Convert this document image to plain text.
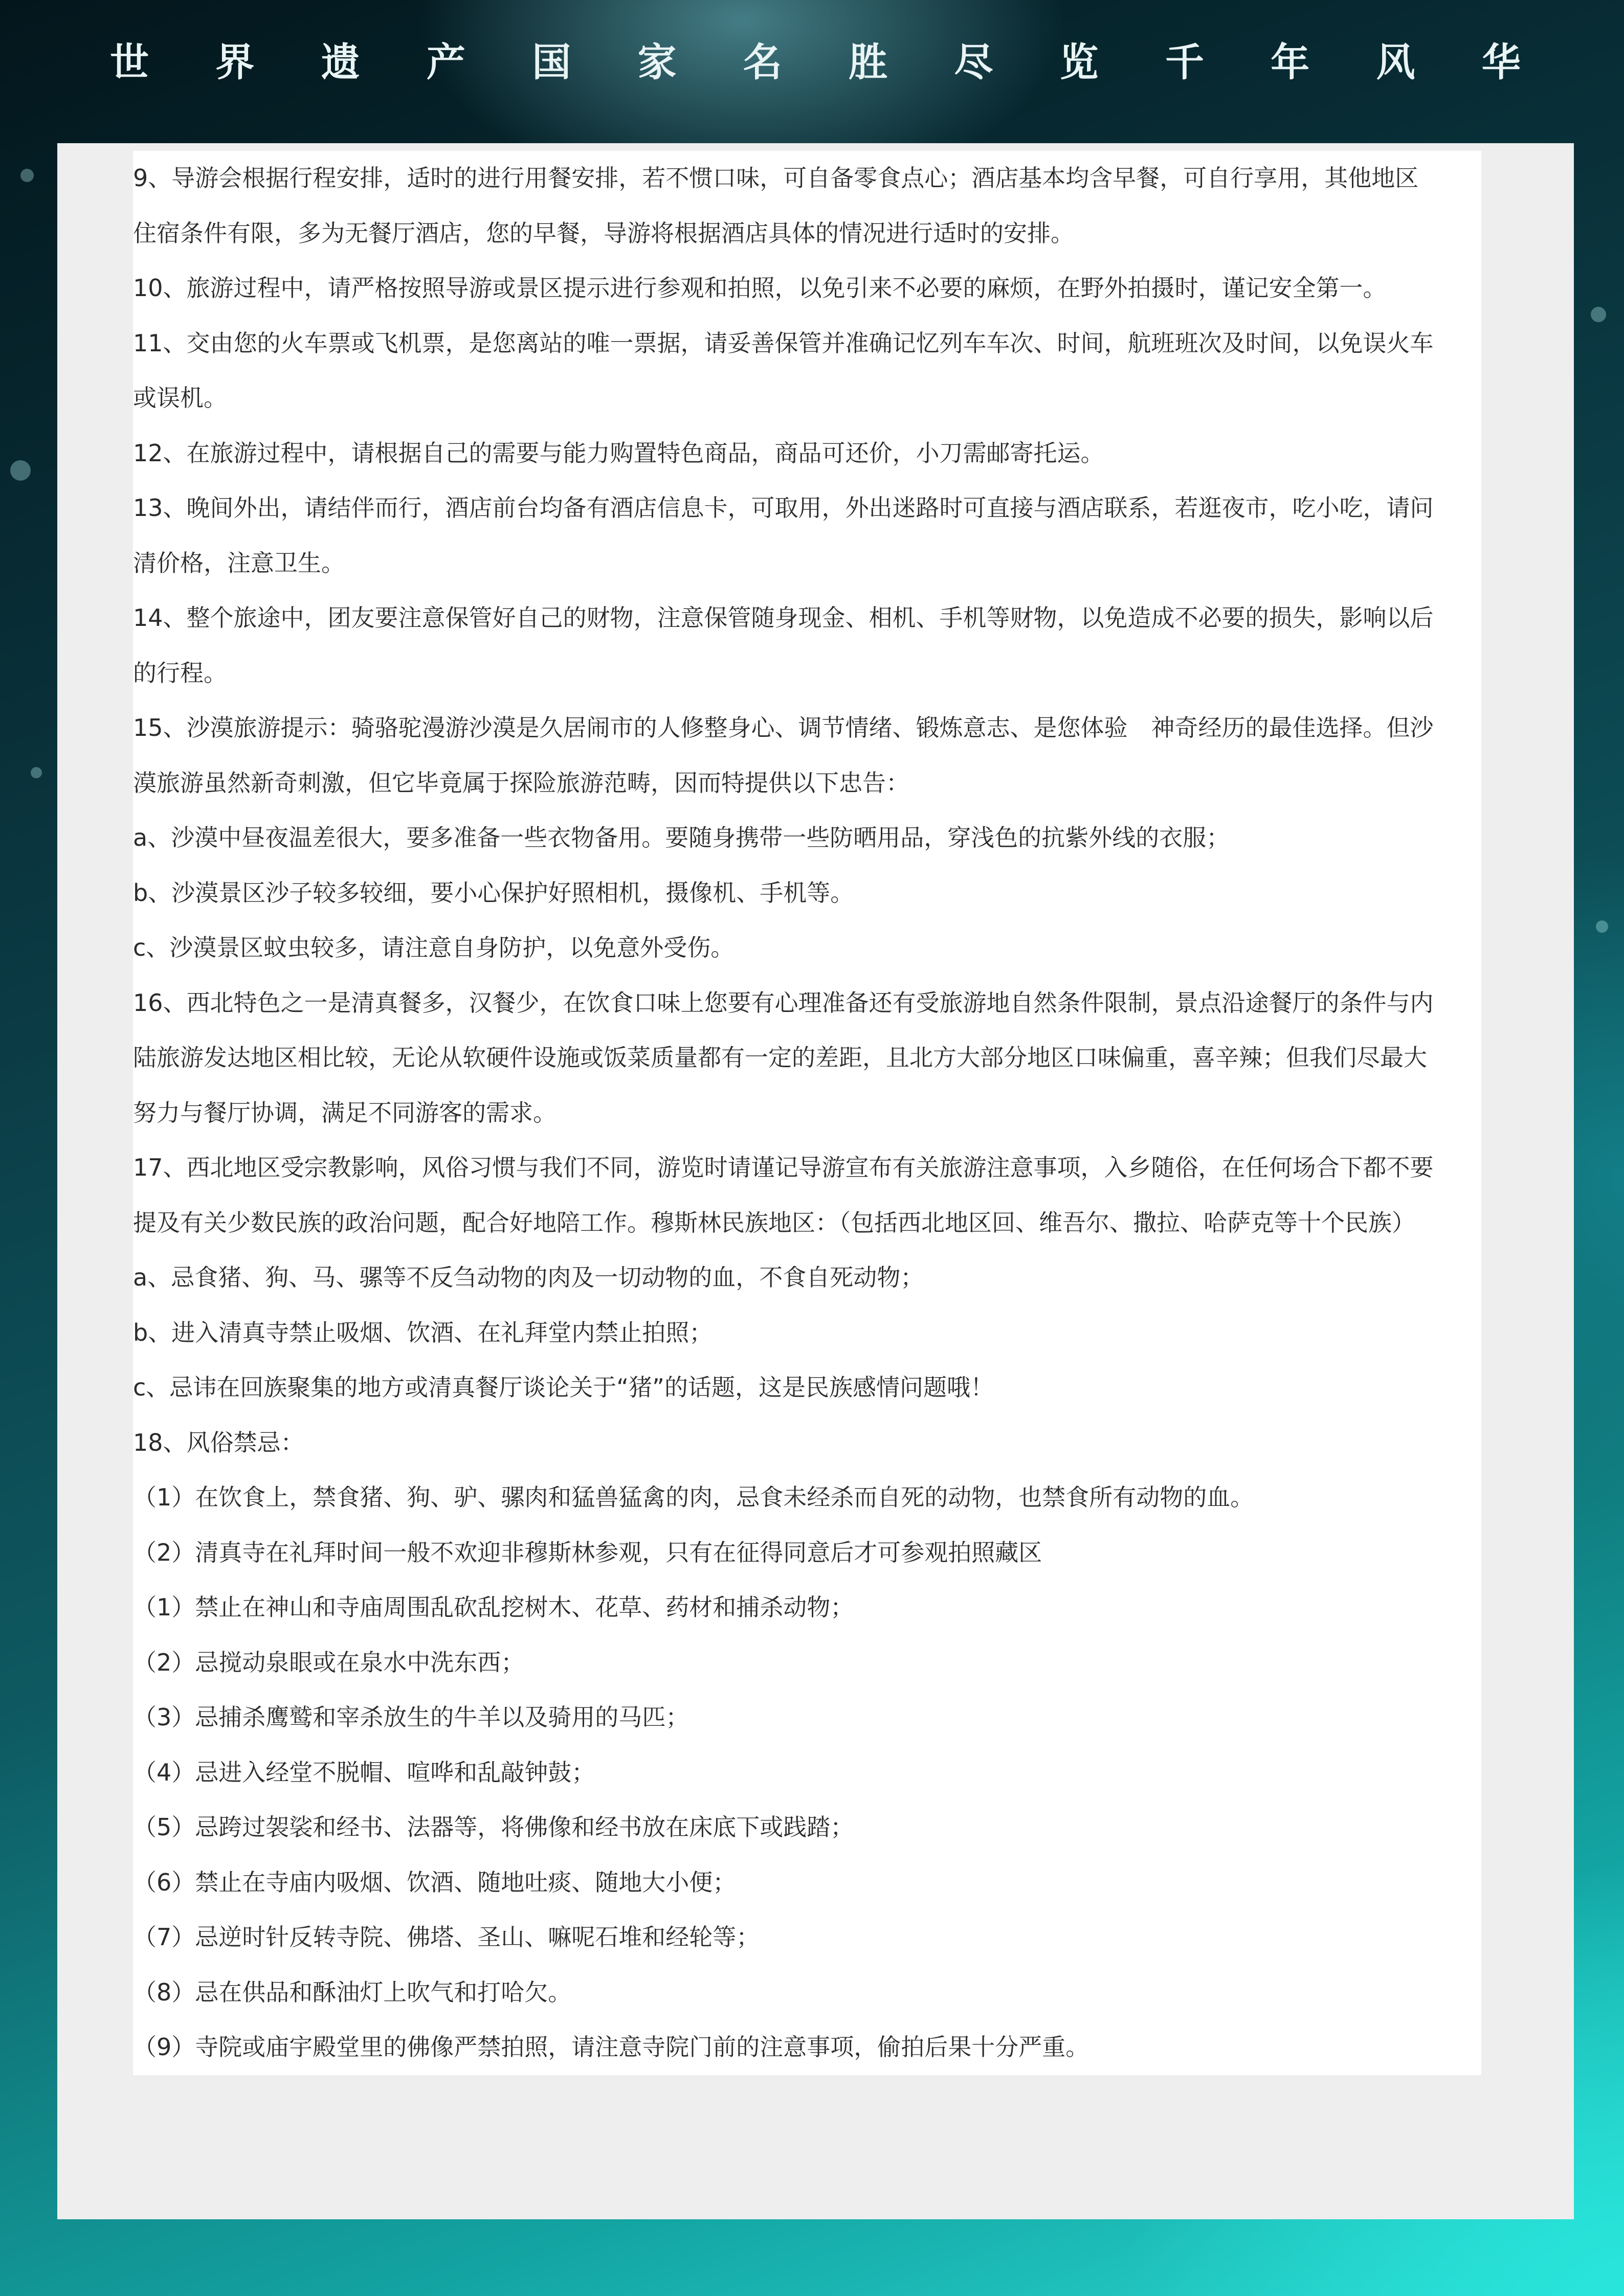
世 界 遗 产 国 家 名 胜 尽 览 千 年 风 华
9、导游会根据行程安排，适时的进行用餐安排，若不惯口味，可自备零食点心；酒店基本均含早餐，可自行享用，其他地区
住宿条件有限，多为无餐厅酒店，您的早餐，导游将根据酒店具体的情况进行适时的安排。
10、旅游过程中，请严格按照导游或景区提示进行参观和拍照，以免引来不必要的麻烦，在野外拍摄时，谨记安全第一。
11、交由您的火车票或飞机票，是您离站的唯一票据，请妥善保管并准确记忆列车车次、时间，航班班次及时间，以免误火车
或误机。
12、在旅游过程中，请根据自己的需要与能力购置特色商品，商品可还价，小刀需邮寄托运。
13、晚间外出，请结伴而行，酒店前台均备有酒店信息卡，可取用，外出迷路时可直接与酒店联系，若逛夜市，吃小吃，请问
清价格，注意卫生。
14、整个旅途中，团友要注意保管好自己的财物，注意保管随身现金、相机、手机等财物，以免造成不必要的损失，影响以后
的行程。
15、沙漠旅游提示：骑骆驼漫游沙漠是久居闹市的人修整身心、调节情绪、锻炼意志、是您体验　神奇经历的最佳选择。但沙
漠旅游虽然新奇刺激，但它毕竟属于探险旅游范畴，因而特提供以下忠告：
a、沙漠中昼夜温差很大，要多准备一些衣物备用。要随身携带一些防晒用品，穿浅色的抗紫外线的衣服；
b、沙漠景区沙子较多较细，要小心保护好照相机，摄像机、手机等。
c、沙漠景区蚊虫较多，请注意自身防护，以免意外受伤。
16、西北特色之一是清真餐多，汉餐少，在饮食口味上您要有心理准备还有受旅游地自然条件限制，景点沿途餐厅的条件与内
陆旅游发达地区相比较，无论从软硬件设施或饭菜质量都有一定的差距，且北方大部分地区口味偏重，喜辛辣；但我们尽最大
努力与餐厅协调，满足不同游客的需求。
17、西北地区受宗教影响，风俗习惯与我们不同，游览时请谨记导游宣布有关旅游注意事项，入乡随俗，在任何场合下都不要
提及有关少数民族的政治问题，配合好地陪工作。穆斯林民族地区：（包括西北地区回、维吾尔、撒拉、哈萨克等十个民族）
a、忌食猪、狗、马、骡等不反刍动物的肉及一切动物的血，不食自死动物；
b、进入清真寺禁止吸烟、饮酒、在礼拜堂内禁止拍照；
c、忌讳在回族聚集的地方或清真餐厅谈论关于“猪”的话题，这是民族感情问题哦！
18、风俗禁忌：
（1）在饮食上，禁食猪、狗、驴、骡肉和猛兽猛禽的肉，忌食未经杀而自死的动物，也禁食所有动物的血。
（2）清真寺在礼拜时间一般不欢迎非穆斯林参观，只有在征得同意后才可参观拍照藏区
（1）禁止在神山和寺庙周围乱砍乱挖树木、花草、药材和捕杀动物；
（2）忌搅动泉眼或在泉水中洗东西；
（3）忌捕杀鹰鹫和宰杀放生的牛羊以及骑用的马匹；
（4）忌进入经堂不脱帽、喧哗和乱敲钟鼓；
（5）忌跨过袈裟和经书、法器等，将佛像和经书放在床底下或践踏；
（6）禁止在寺庙内吸烟、饮酒、随地吐痰、随地大小便；
（7）忌逆时针反转寺院、佛塔、圣山、嘛呢石堆和经轮等；
（8）忌在供品和酥油灯上吹气和打哈欠。
（9）寺院或庙宇殿堂里的佛像严禁拍照，请注意寺院门前的注意事项，偷拍后果十分严重。
